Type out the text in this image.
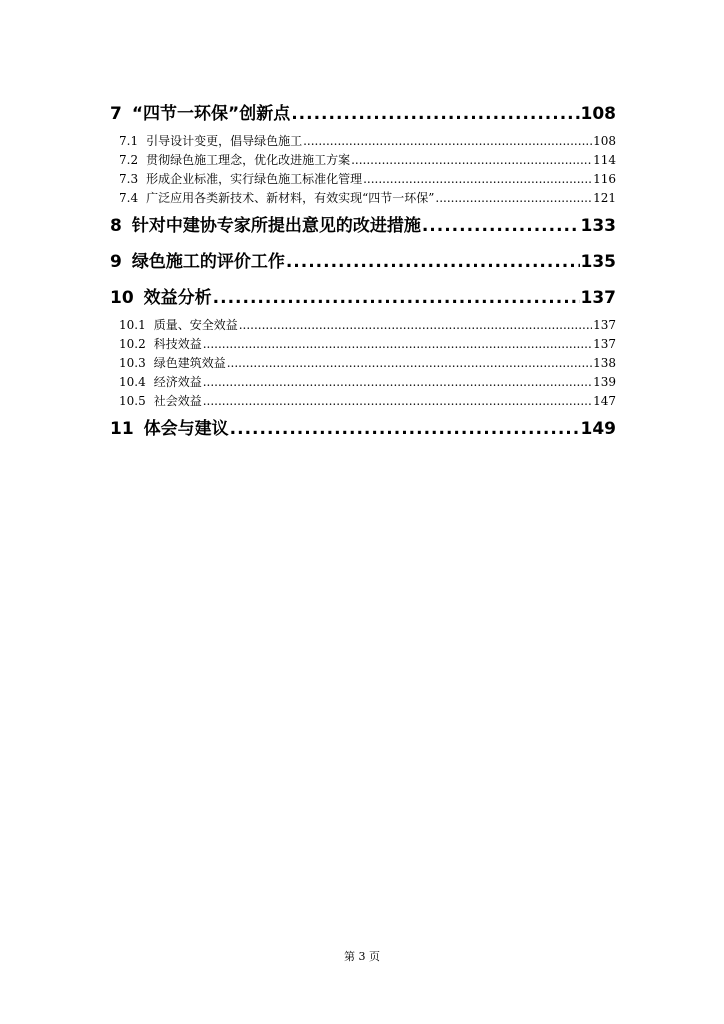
7 “四节一环保”创新点 .....	108
7.1 引导设计变更，倡导绿色施工 .....	108
7.2 贯彻绿色施工理念，优化改进施工方案 .....	114
7.3 形成企业标准，实行绿色施工标准化管理 .....	116
7.4 广泛应用各类新技术、新材料，有效实现“四节一环保” .....	121
8 针对中建协专家所提出意见的改进措施 .....	133
9 绿色施工的评价工作 .....	135
10 效益分析 .....	137
10.1 质量、安全效益 .....	137
10.2 科技效益 .....	137
10.3 绿色建筑效益 .....	138
10.4 经济效益 .....	139
10.5 社会效益 .....	147
11 体会与建议 .....	149
第 3 页
